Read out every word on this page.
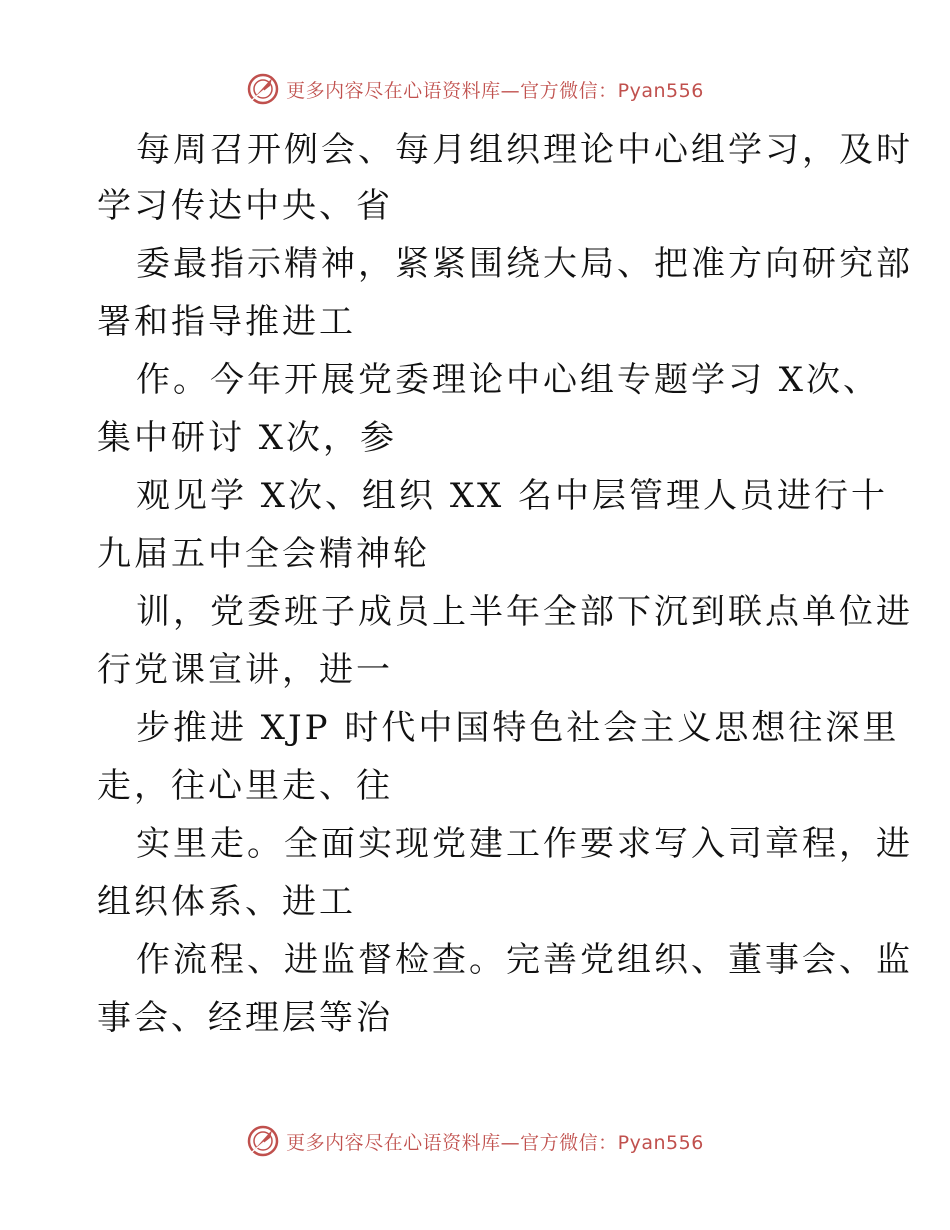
更多内容尽在心语资料库—官方微信：Pyan556
每周召开例会、每月组织理论中心组学习，及时
学习传达中央、省
委最指示精神，紧紧围绕大局、把准方向研究部
署和指导推进工
作。今年开展党委理论中心组专题学习 X次、
集中研讨 X次，参
观见学 X次、组织 XX 名中层管理人员进行十
九届五中全会精神轮
训，党委班子成员上半年全部下沉到联点单位进
行党课宣讲，进一
步推进 XJP 时代中国特色社会主义思想往深里
走，往心里走、往
实里走。全面实现党建工作要求写入司章程，进
组织体系、进工
作流程、进监督检查。完善党组织、董事会、监
事会、经理层等治
更多内容尽在心语资料库—官方微信：Pyan556
